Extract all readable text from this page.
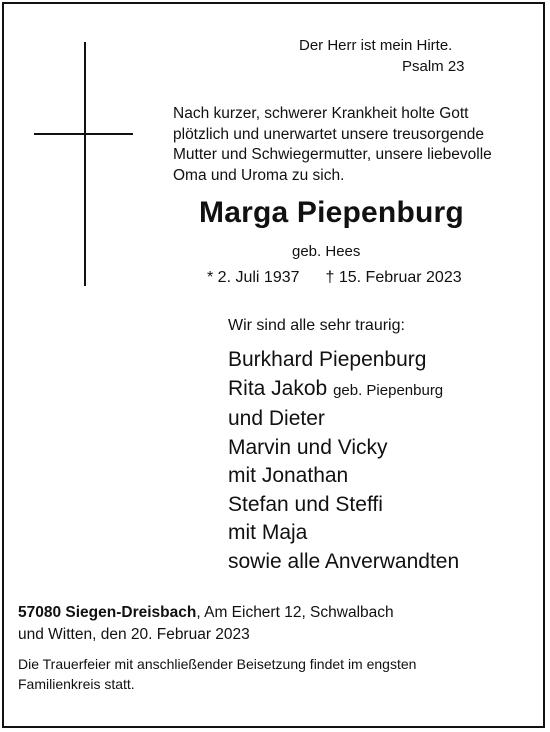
Der Herr ist mein Hirte.
Psalm 23
Nach kurzer, schwerer Krankheit holte Gott
plötzlich und unerwartet unsere treusorgende
Mutter und Schwiegermutter, unsere liebevolle
Oma und Uroma zu sich.
Marga Piepenburg
geb. Hees
* 2. Juli 1937 † 15. Februar 2023
Wir sind alle sehr traurig:
Burkhard Piepenburg
Rita Jakob geb. Piepenburg
und Dieter
Marvin und Vicky
mit Jonathan
Stefan und Steffi
mit Maja
sowie alle Anverwandten
57080 Siegen-Dreisbach, Am Eichert 12, Schwalbach
und Witten, den 20. Februar 2023
Die Trauerfeier mit anschließender Beisetzung findet im engsten
Familienkreis statt.
